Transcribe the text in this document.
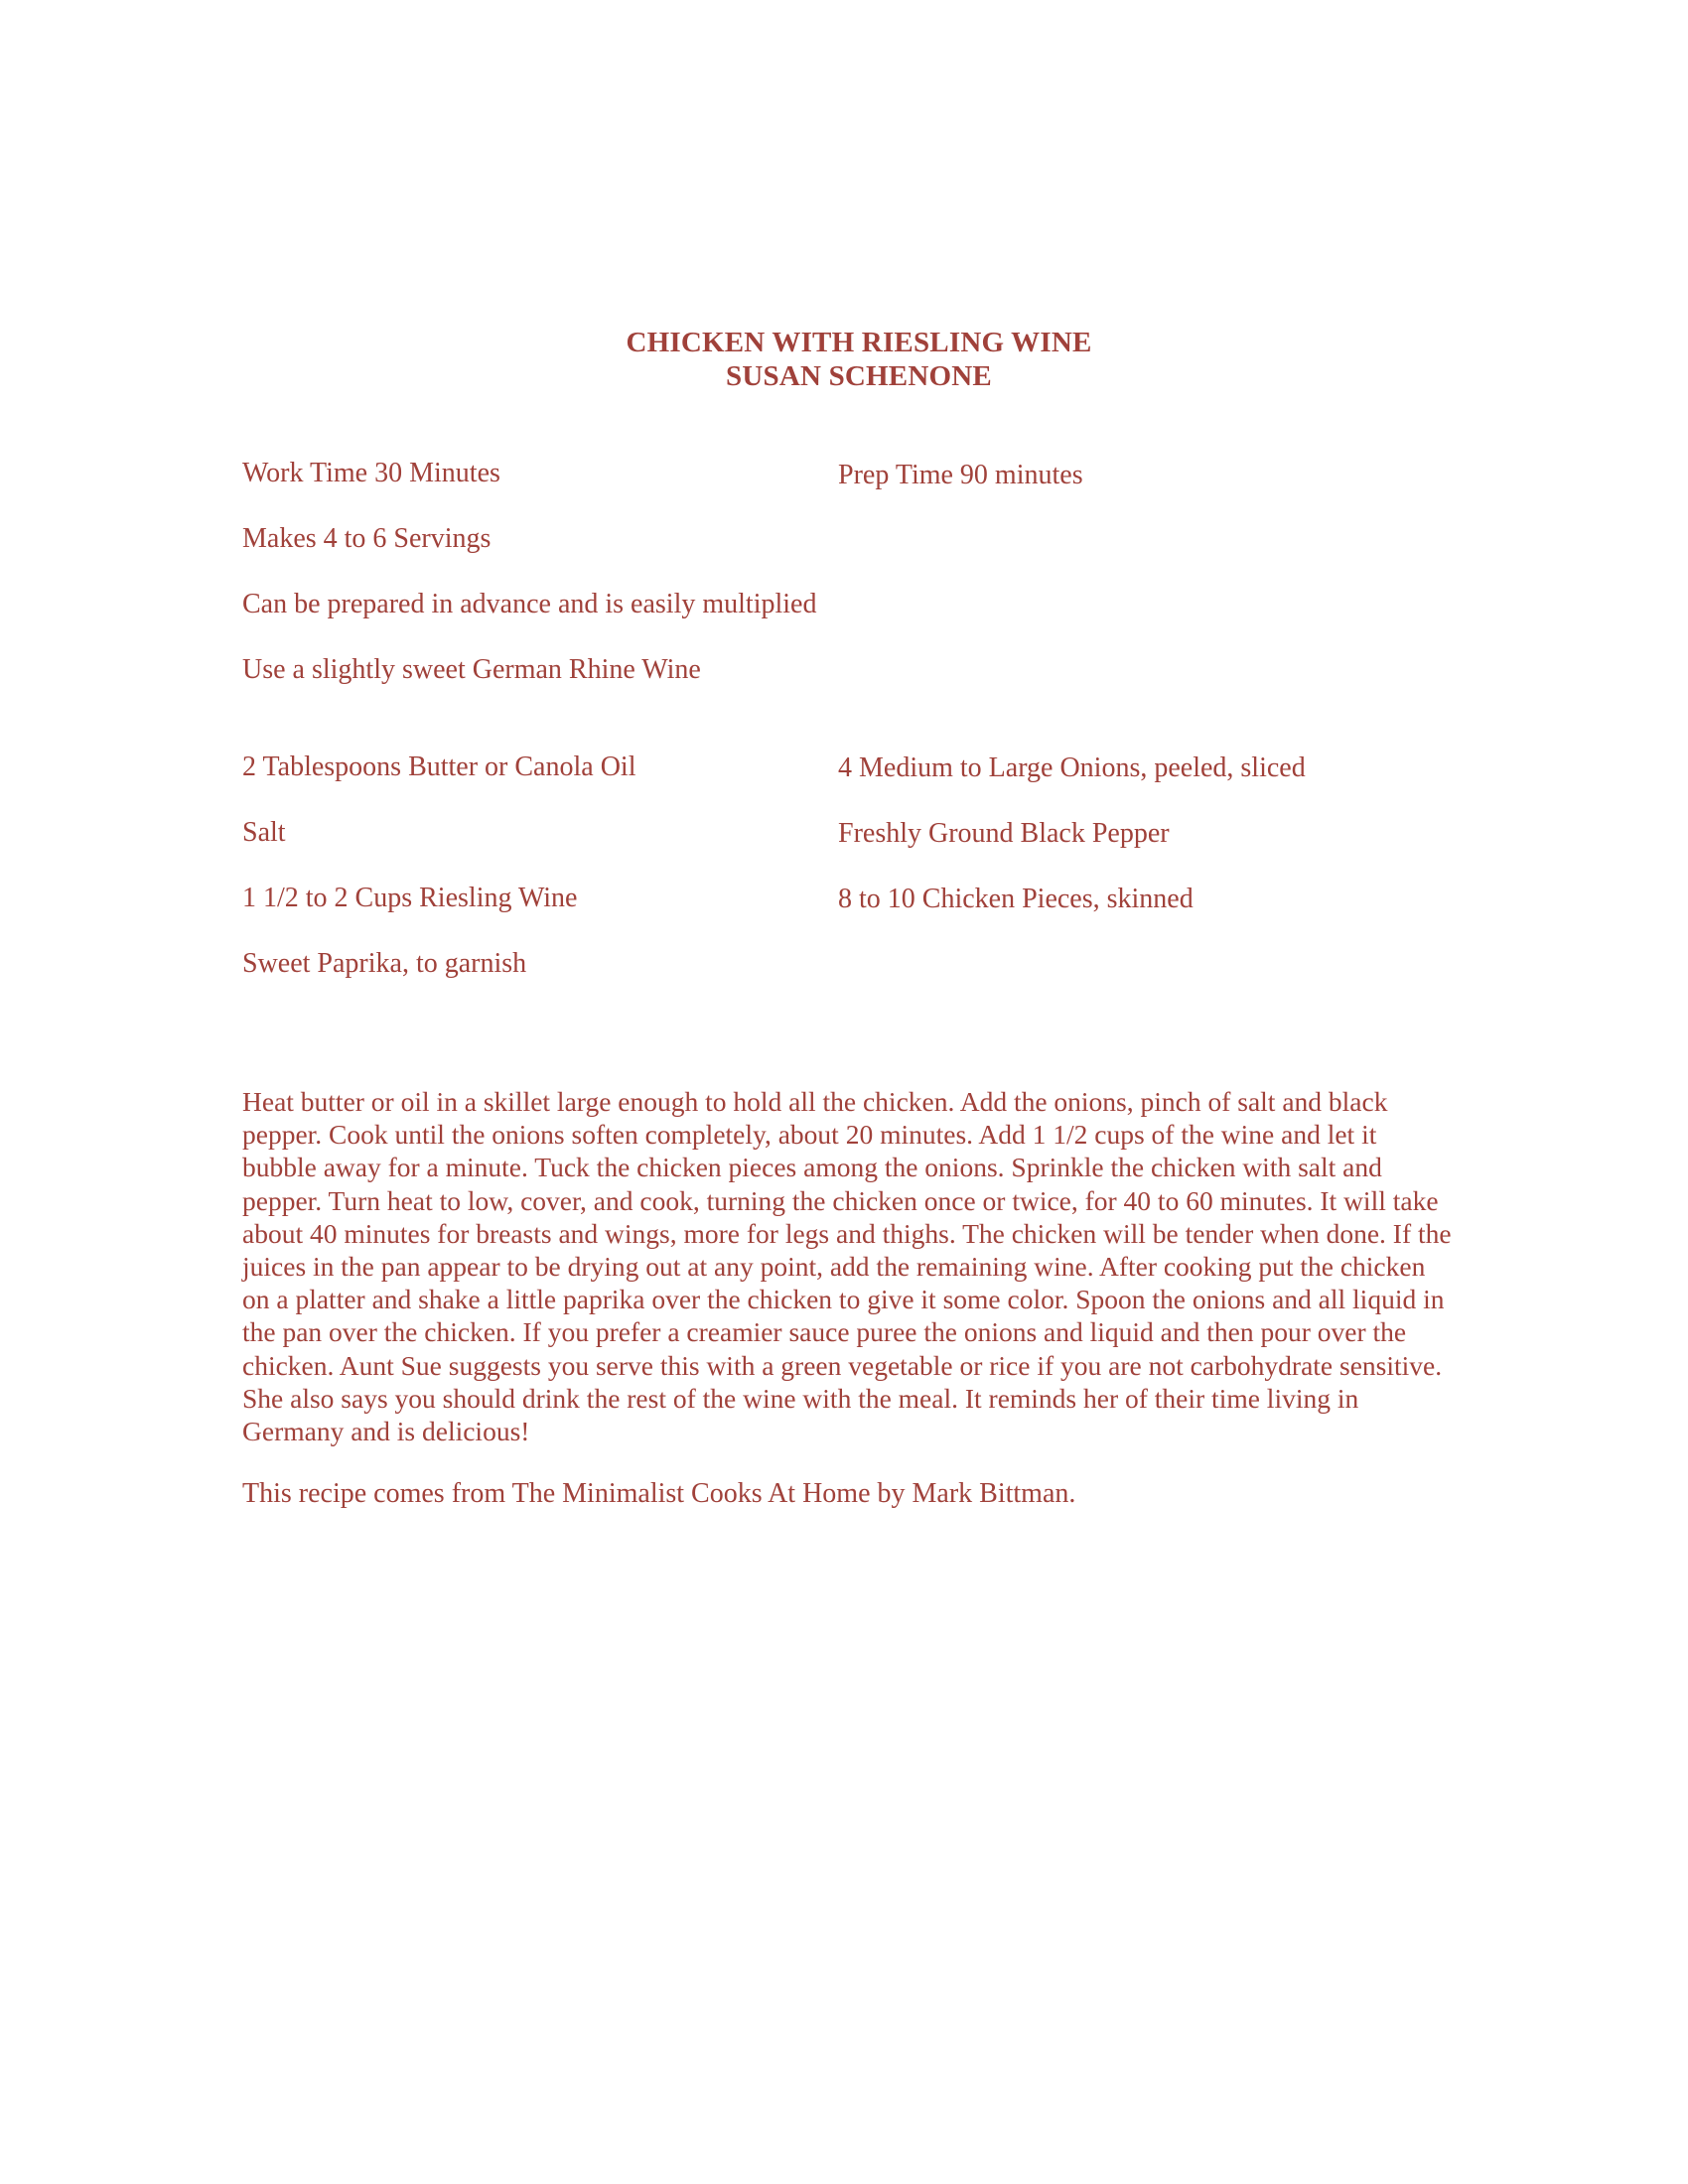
CHICKEN WITH RIESLING WINE
SUSAN SCHENONE
Work Time 30 Minutes	Prep Time 90 minutes
Makes 4 to 6 Servings
Can be prepared in advance and is easily multiplied
Use a slightly sweet German Rhine Wine
2 Tablespoons Butter or Canola Oil	4 Medium to Large Onions, peeled, sliced
Salt	Freshly Ground Black Pepper
1 1/2 to 2 Cups Riesling Wine	8 to 10 Chicken Pieces, skinned
Sweet Paprika, to garnish
Heat butter or oil in a skillet large enough to hold all the chicken. Add the onions, pinch of salt and black pepper. Cook until the onions soften completely, about 20 minutes. Add 1 1/2 cups of the wine and let it bubble away for a minute. Tuck the chicken pieces among the onions. Sprinkle the chicken with salt and pepper. Turn heat to low, cover, and cook, turning the chicken once or twice, for 40 to 60 minutes. It will take about 40 minutes for breasts and wings, more for legs and thighs. The chicken will be tender when done. If the juices in the pan appear to be drying out at any point, add the remaining wine. After cooking put the chicken on a platter and shake a little paprika over the chicken to give it some color. Spoon the onions and all liquid in the pan over the chicken. If you prefer a creamier sauce puree the onions and liquid and then pour over the chicken. Aunt Sue suggests you serve this with a green vegetable or rice if you are not carbohydrate sensitive. She also says you should drink the rest of the wine with the meal. It reminds her of their time living in Germany and is delicious!
This recipe comes from The Minimalist Cooks At Home by Mark Bittman.
